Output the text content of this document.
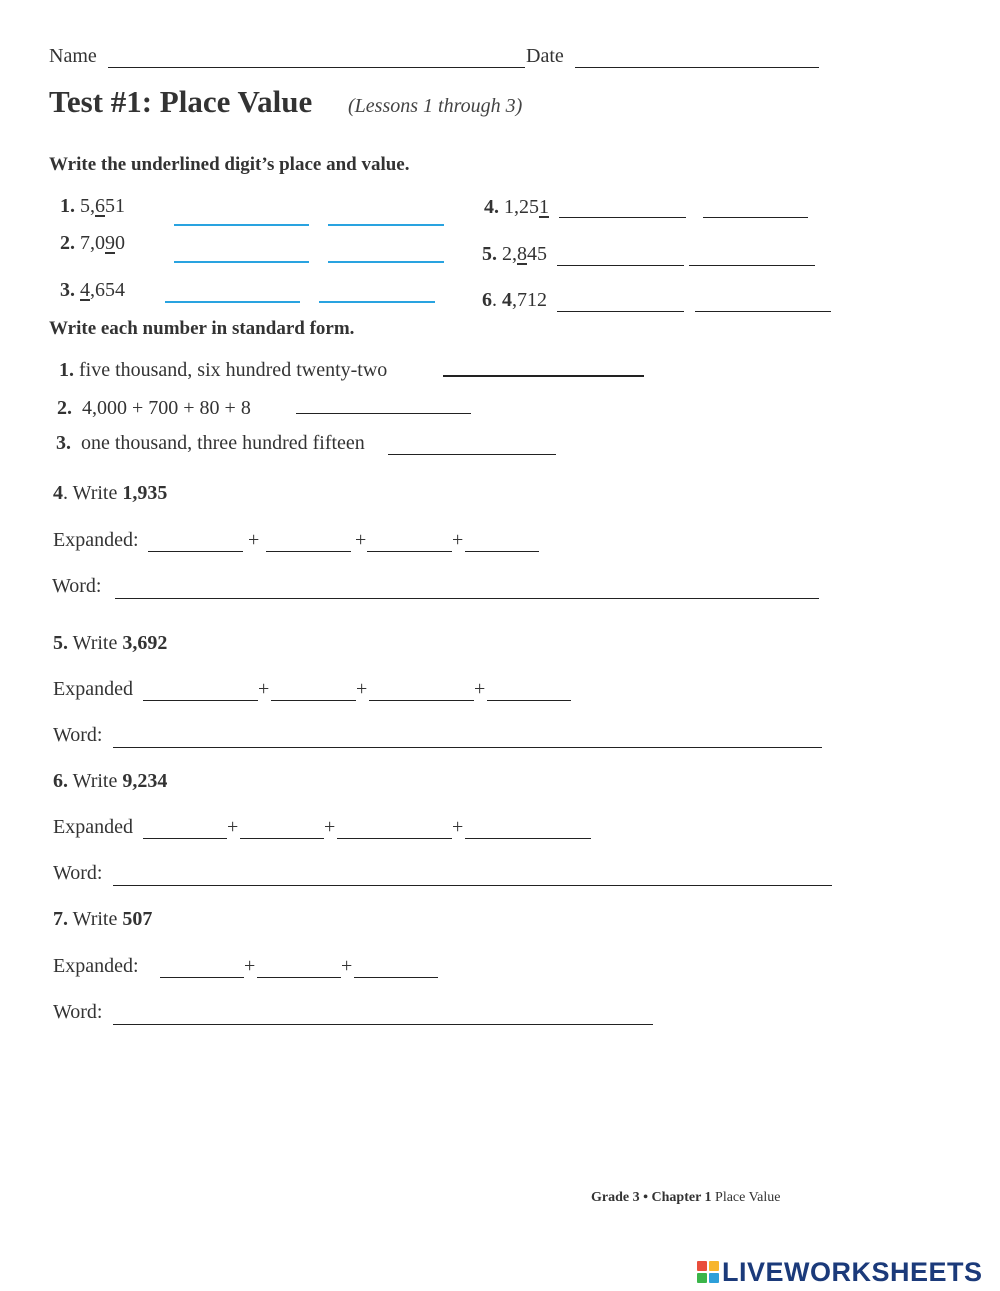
Name	Date
Test #1: Place Value (Lessons 1 through 3)
Write the underlined digit’s place and value.
1. 5,651
2. 7,090
3. 4,654
4. 1,251
5. 2,845
6. 4,712
Write each number in standard form.
1. five thousand, six hundred twenty-two
2. 4,000 + 700 + 80 + 8
3. one thousand, three hundred fifteen
4. Write 1,935
Expanded:	+	+	+
Word:
5. Write 3,692
Expanded	+	+	+
Word:
6. Write 9,234
Expanded	+	+	+
Word:
7. Write 507
Expanded:	+	+
Word:
Grade 3 • Chapter 1 Place Value
LIVEWORKSHEETS
